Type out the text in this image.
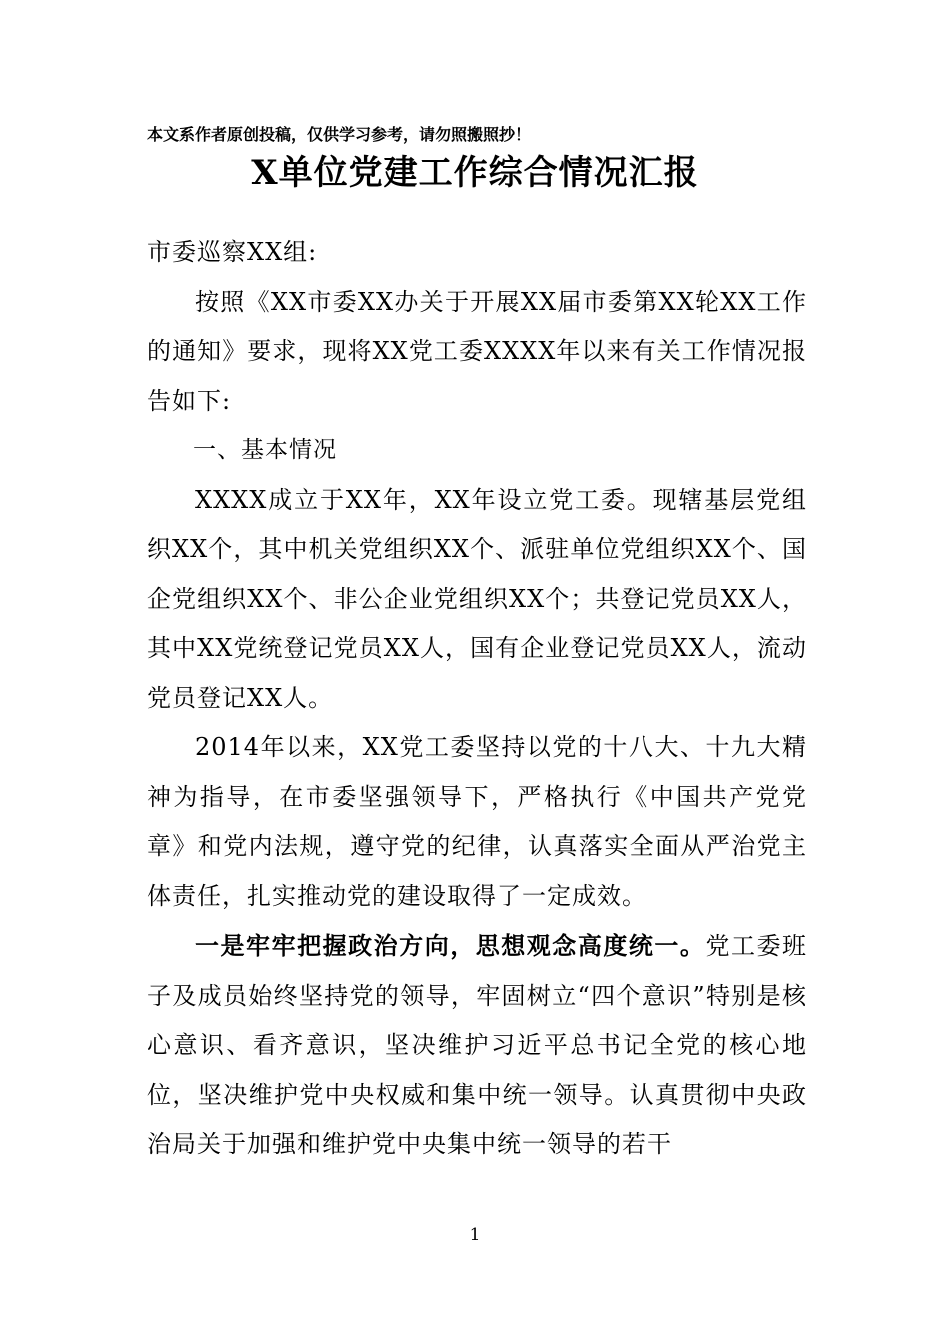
本文系作者原创投稿，仅供学习参考，请勿照搬照抄！
X单位党建工作综合情况汇报

市委巡察XX组:

按照《XX市委XX办关于开展XX届市委第XX轮XX工作的通知》要求，现将XX党工委XXXX年以来有关工作情况报告如下:

一、基本情况

XXXX成立于XX年，XX年设立党工委。现辖基层党组织XX个，其中机关党组织XX个、派驻单位党组织XX个、国企党组织XX个、非公企业党组织XX个；共登记党员XX人，其中XX党统登记党员XX人，国有企业登记党员XX人，流动党员登记XX人。

2014年以来，XX党工委坚持以党的十八大、十九大精神为指导，在市委坚强领导下，严格执行《中国共产党党章》和党内法规，遵守党的纪律，认真落实全面从严治党主体责任，扎实推动党的建设取得了一定成效。

一是牢牢把握政治方向，思想观念高度统一。党工委班子及成员始终坚持党的领导，牢固树立“四个意识”特别是核心意识、看齐意识，坚决维护习近平总书记全党的核心地位，坚决维护党中央权威和集中统一领导。认真贯彻中央政治局关于加强和维护党中央集中统一领导的若干

1
